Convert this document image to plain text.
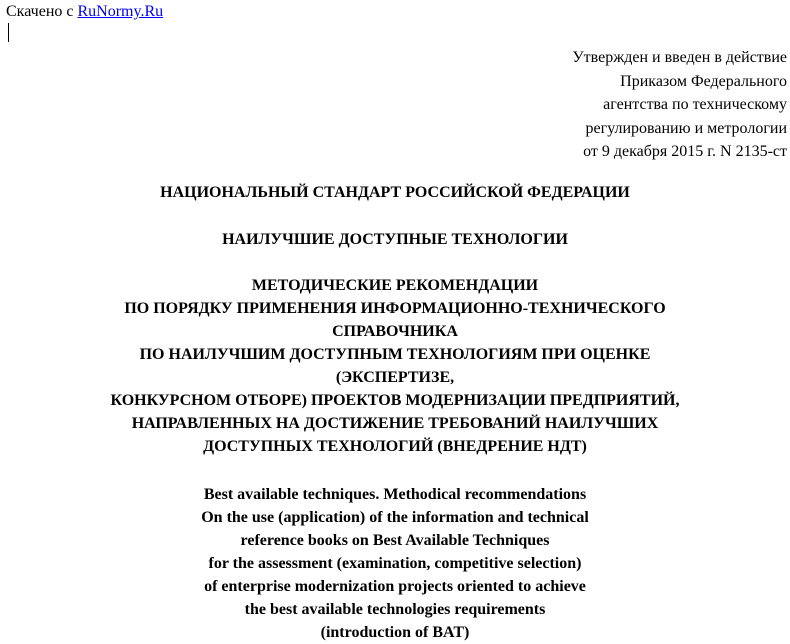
Скачено с RuNormy.Ru
Утвержден и введен в действие
Приказом Федерального
агентства по техническому
регулированию и метрологии
от 9 декабря 2015 г. N 2135-ст
НАЦИОНАЛЬНЫЙ СТАНДАРТ РОССИЙСКОЙ ФЕДЕРАЦИИ
НАИЛУЧШИЕ ДОСТУПНЫЕ ТЕХНОЛОГИИ
МЕТОДИЧЕСКИЕ РЕКОМЕНДАЦИИ
ПО ПОРЯДКУ ПРИМЕНЕНИЯ ИНФОРМАЦИОННО-ТЕХНИЧЕСКОГО
СПРАВОЧНИКА
ПО НАИЛУЧШИМ ДОСТУПНЫМ ТЕХНОЛОГИЯМ ПРИ ОЦЕНКЕ
(ЭКСПЕРТИЗЕ,
КОНКУРСНОМ ОТБОРЕ) ПРОЕКТОВ МОДЕРНИЗАЦИИ ПРЕДПРИЯТИЙ,
НАПРАВЛЕННЫХ НА ДОСТИЖЕНИЕ ТРЕБОВАНИЙ НАИЛУЧШИХ
ДОСТУПНЫХ ТЕХНОЛОГИЙ (ВНЕДРЕНИЕ НДТ)
Best available techniques. Methodical recommendations
On the use (application) of the information and technical
reference books on Best Available Techniques
for the assessment (examination, competitive selection)
of enterprise modernization projects oriented to achieve
the best available technologies requirements
(introduction of BAT)
